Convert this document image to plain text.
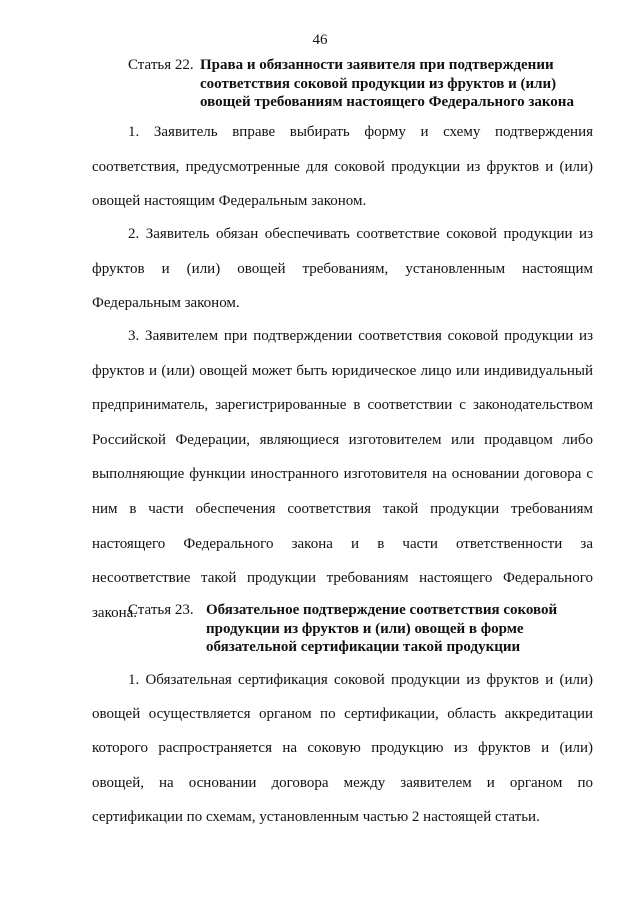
46
Статья 22. Права и обязанности заявителя при подтверждении
соответствия соковой продукции из фруктов и (или)
овощей требованиям настоящего Федерального закона

1. Заявитель вправе выбирать форму и схему подтверждения соответствия, предусмотренные для соковой продукции из фруктов и (или) овощей настоящим Федеральным законом.

2. Заявитель обязан обеспечивать соответствие соковой продукции из фруктов и (или) овощей требованиям, установленным настоящим Федеральным законом.

3. Заявителем при подтверждении соответствия соковой продукции из фруктов и (или) овощей может быть юридическое лицо или индивидуальный предприниматель, зарегистрированные в соответствии с законодательством Российской Федерации, являющиеся изготовителем или продавцом либо выполняющие функции иностранного изготовителя на основании договора с ним в части обеспечения соответствия такой продукции требованиям настоящего Федерального закона и в части ответственности за несоответствие такой продукции требованиям настоящего Федерального закона.

Статья 23. Обязательное подтверждение соответствия соковой
продукции из фруктов и (или) овощей в форме
обязательной сертификации такой продукции

1. Обязательная сертификация соковой продукции из фруктов и (или) овощей осуществляется органом по сертификации, область аккредитации которого распространяется на соковую продукцию из фруктов и (или) овощей, на основании договора между заявителем и органом по сертификации по схемам, установленным частью 2 настоящей статьи.
